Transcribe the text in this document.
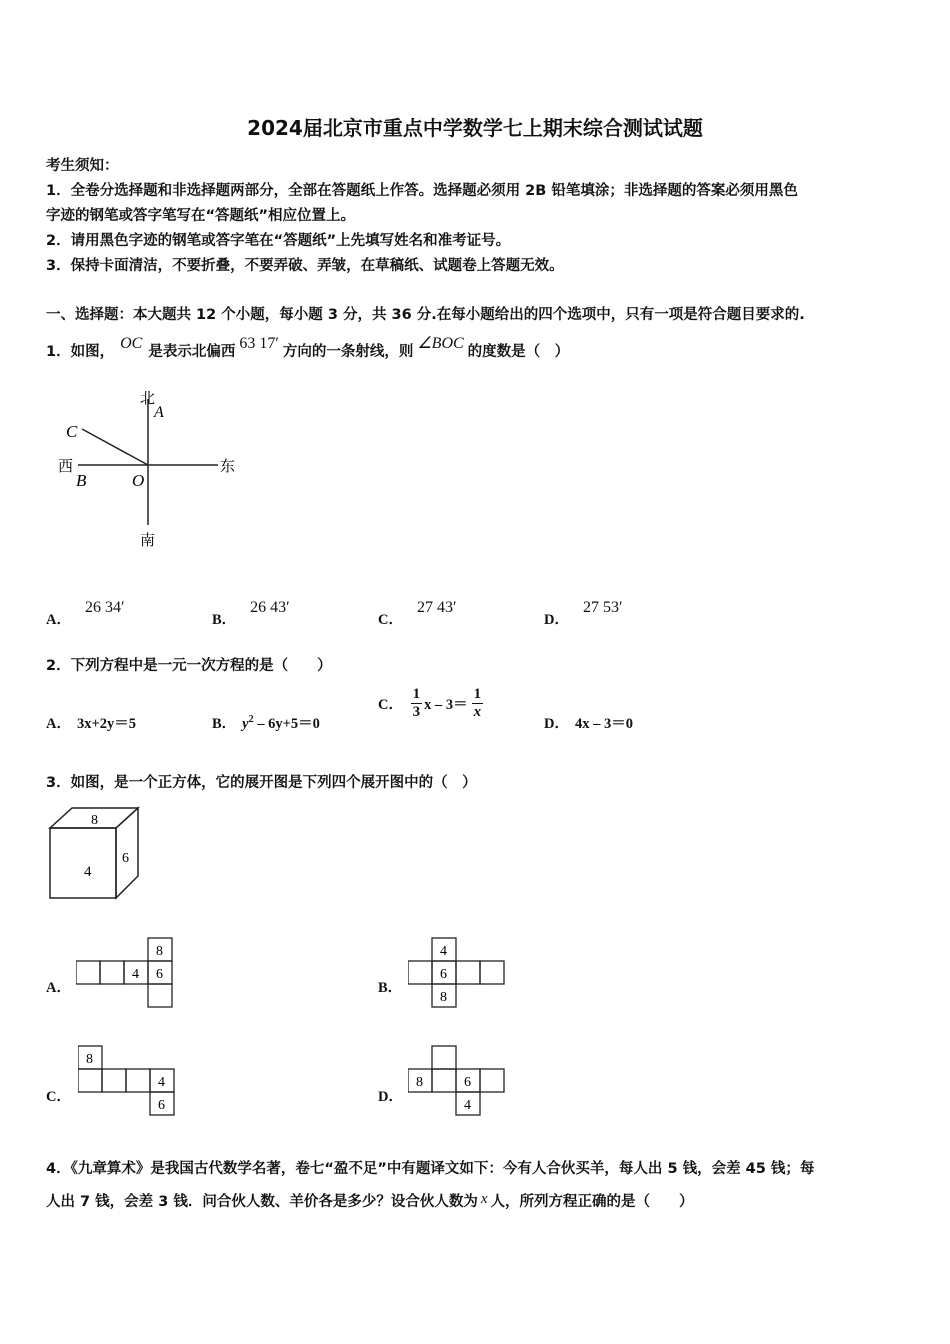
2024届北京市重点中学数学七上期末综合测试试题
考生须知：
1．全卷分选择题和非选择题两部分，全部在答题纸上作答。选择题必须用 2B 铅笔填涂；非选择题的答案必须用黑色
字迹的钢笔或答字笔写在“答题纸”相应位置上。
2．请用黑色字迹的钢笔或答字笔在“答题纸”上先填写姓名和准考证号。
3．保持卡面清洁，不要折叠，不要弄破、弄皱，在草稿纸、试题卷上答题无效。
一、选择题：本大题共 12 个小题，每小题 3 分，共 36 分.在每小题给出的四个选项中，只有一项是符合题目要求的.
1．如图， OC 是表示北偏西 63 17′ 方向的一条射线，则 ∠BOC 的度数是（　）
北
A
C
西
B	O
东
南
A．26 34′
B．26 43′
C．27 43′
D．27 53′
2．下列方程中是一元一次方程的是（　　）
A． 3x+2y＝5	B． $y^2 - 6y+5=0$
C． $\frac{1}{3}$ $x - 3= \frac{1}{x}$
D． 4x – 3＝0
3．如图，是一个正方体，它的展开图是下列四个展开图中的（　）
8
4
6
A．
8
4 6
B．
4
6
8
C．
8
4
6
D．
8	6
4
4．《九章算术》是我国古代数学名著，卷七“盈不足”中有题译文如下：今有人合伙买羊，每人出 5 钱，会差 45 钱；每
人出 7 钱，会差 3 钱．问合伙人数、羊价各是多少？设合伙人数为 x 人，所列方程正确的是（　　）
